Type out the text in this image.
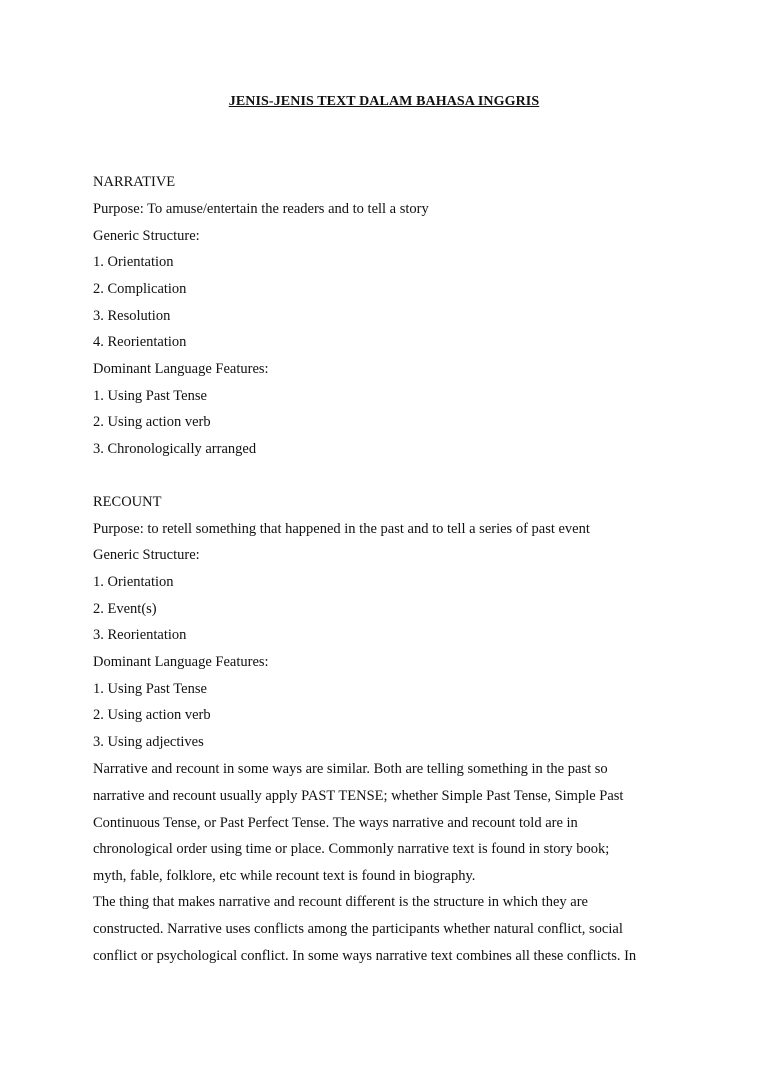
JENIS-JENIS TEXT DALAM BAHASA INGGRIS
NARRATIVE
Purpose: To amuse/entertain the readers and to tell a story
Generic Structure:
1. Orientation
2. Complication
3. Resolution
4. Reorientation
Dominant Language Features:
1. Using Past Tense
2. Using action verb
3. Chronologically arranged
RECOUNT
Purpose: to retell something that happened in the past and to tell a series of past event
Generic Structure:
1. Orientation
2. Event(s)
3. Reorientation
Dominant Language Features:
1. Using Past Tense
2. Using action verb
3. Using adjectives
Narrative and recount in some ways are similar. Both are telling something in the past so
narrative and recount usually apply PAST TENSE; whether Simple Past Tense, Simple Past
Continuous Tense, or Past Perfect Tense. The ways narrative and recount told are in
chronological order using time or place. Commonly narrative text is found in story book;
myth, fable, folklore, etc while recount text is found in biography.
The thing that makes narrative and recount different is the structure in which they are
constructed. Narrative uses conflicts among the participants whether natural conflict, social
conflict or psychological conflict. In some ways narrative text combines all these conflicts. In
